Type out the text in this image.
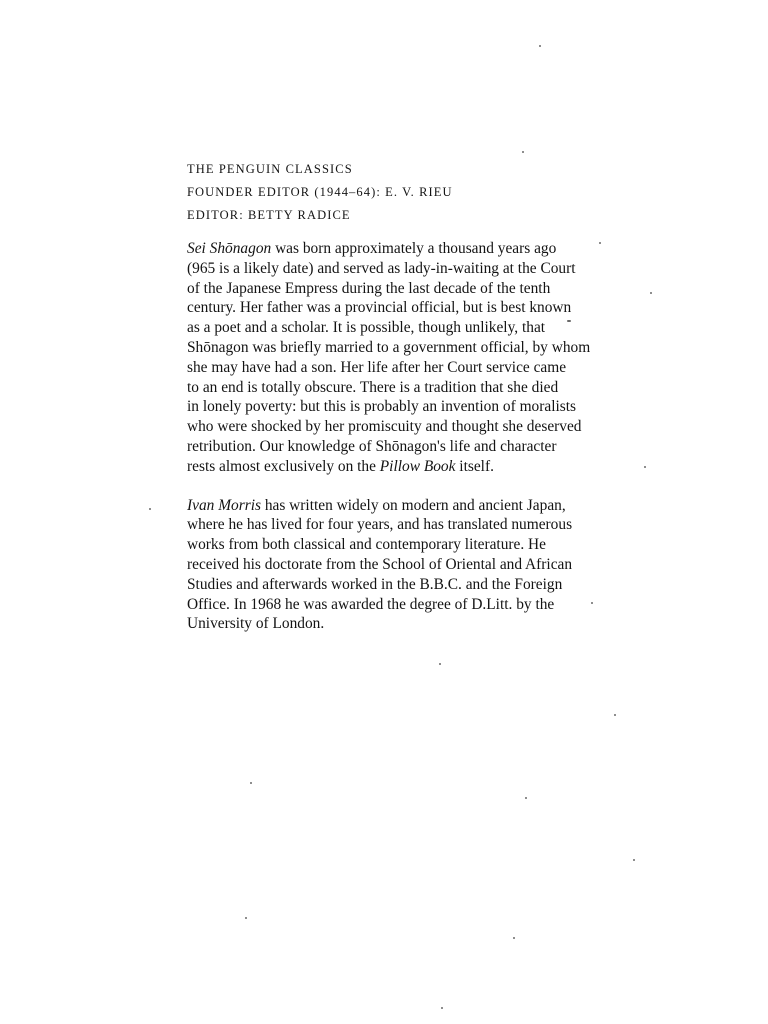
THE PENGUIN CLASSICS
FOUNDER EDITOR (1944–64): E. V. RIEU
EDITOR: BETTY RADICE
Sei Shōnagon was born approximately a thousand years ago
(965 is a likely date) and served as lady-in-waiting at the Court
of the Japanese Empress during the last decade of the tenth
century. Her father was a provincial official, but is best known
as a poet and a scholar. It is possible, though unlikely, that
Shōnagon was briefly married to a government official, by whom
she may have had a son. Her life after her Court service came
to an end is totally obscure. There is a tradition that she died
in lonely poverty: but this is probably an invention of moralists
who were shocked by her promiscuity and thought she deserved
retribution. Our knowledge of Shōnagon's life and character
rests almost exclusively on the Pillow Book itself.
Ivan Morris has written widely on modern and ancient Japan,
where he has lived for four years, and has translated numerous
works from both classical and contemporary literature. He
received his doctorate from the School of Oriental and African
Studies and afterwards worked in the B.B.C. and the Foreign
Office. In 1968 he was awarded the degree of D.Litt. by the
University of London.
